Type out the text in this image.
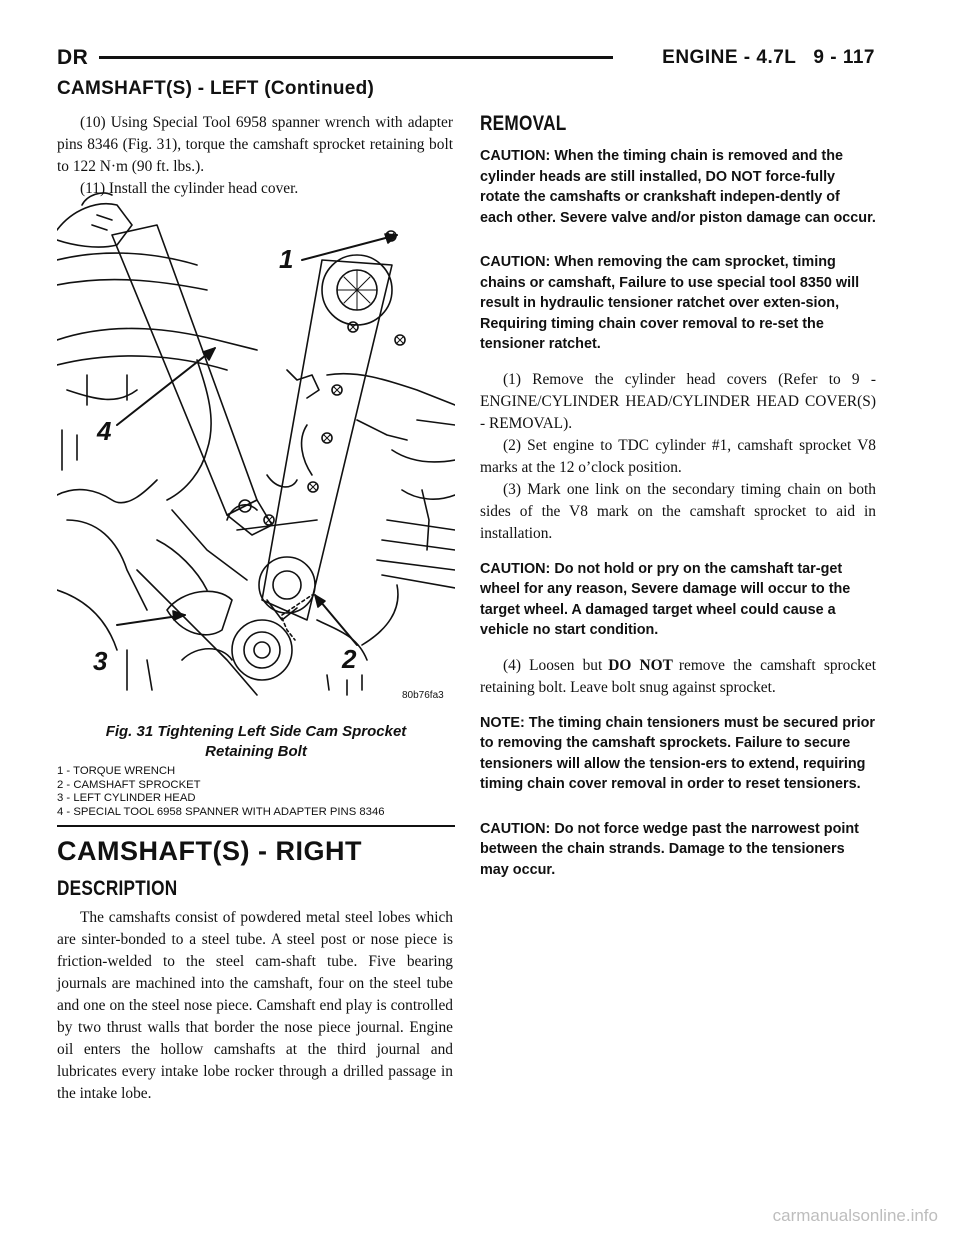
DR	ENGINE - 4.7L 9 - 117
CAMSHAFT(S) - LEFT (Continued)

(10) Using Special Tool 6958 spanner wrench with adapter pins 8346 (Fig. 31), torque the camshaft sprocket retaining bolt to 122 N·m (90 ft. lbs.).

(11) Install the cylinder head cover.

1
4
3	2
80b76fa3
Fig. 31 Tightening Left Side Cam Sprocket
Retaining Bolt
1 - TORQUE WRENCH
2 - CAMSHAFT SPROCKET
3 - LEFT CYLINDER HEAD
4 - SPECIAL TOOL 6958 SPANNER WITH ADAPTER PINS 8346
CAMSHAFT(S) - RIGHT
DESCRIPTION

The camshafts consist of powdered metal steel lobes which are sinter-bonded to a steel tube. A steel post or nose piece is friction-welded to the steel cam-shaft tube. Five bearing journals are machined into the camshaft, four on the steel tube and one on the steel nose piece. Camshaft end play is controlled by two thrust walls that border the nose piece journal. Engine oil enters the hollow camshafts at the third journal and lubricates every intake lobe rocker through a drilled passage in the intake lobe.

REMOVAL

CAUTION: When the timing chain is removed and the cylinder heads are still installed, DO NOT force-fully rotate the camshafts or crankshaft indepen-dently of each other. Severe valve and/or piston damage can occur.

CAUTION: When removing the cam sprocket, timing chains or camshaft, Failure to use special tool 8350 will result in hydraulic tensioner ratchet over exten-sion, Requiring timing chain cover removal to re-set the tensioner ratchet.

(1) Remove the cylinder head covers (Refer to 9 - ENGINE/CYLINDER HEAD/CYLINDER HEAD COVER(S) - REMOVAL).

(2) Set engine to TDC cylinder #1, camshaft sprocket V8 marks at the 12 o’clock position.

(3) Mark one link on the secondary timing chain on both sides of the V8 mark on the camshaft sprocket to aid in installation.

CAUTION: Do not hold or pry on the camshaft tar-get wheel for any reason, Severe damage will occur to the target wheel. A damaged target wheel could cause a vehicle no start condition.

(4) Loosen but DO NOT remove the camshaft sprocket retaining bolt. Leave bolt snug against sprocket.

NOTE: The timing chain tensioners must be secured prior to removing the camshaft sprockets. Failure to secure tensioners will allow the tension-ers to extend, requiring timing chain cover removal in order to reset tensioners.

CAUTION: Do not force wedge past the narrowest point between the chain strands. Damage to the tensioners may occur.

carmanualsonline.info
